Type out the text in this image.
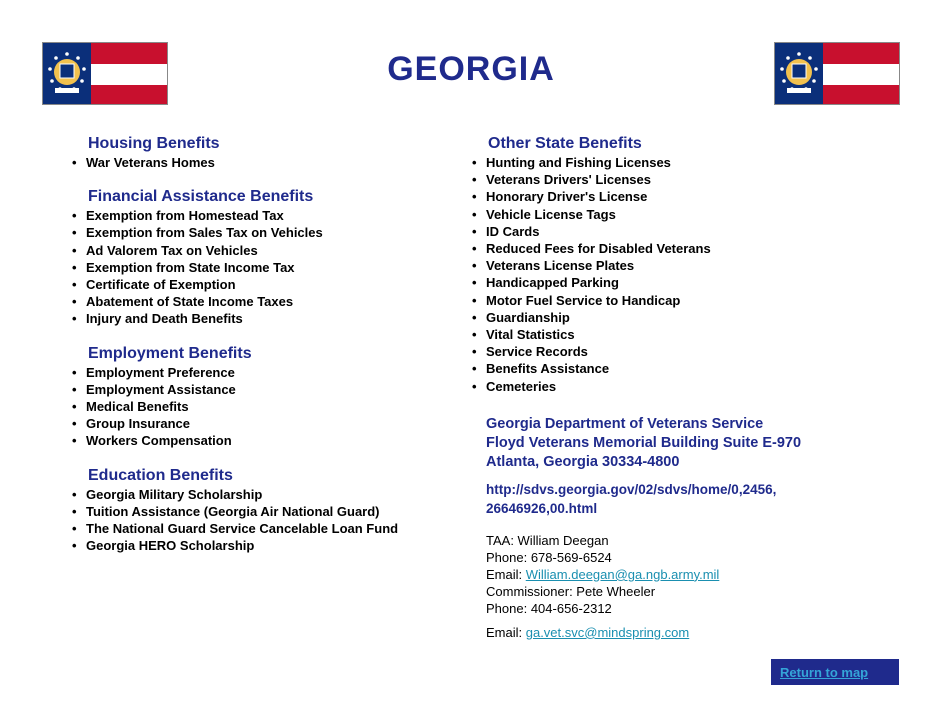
GEORGIA
Housing Benefits
• War Veterans Homes
Financial Assistance Benefits
• Exemption from Homestead Tax
• Exemption from Sales Tax on Vehicles
• Ad Valorem Tax on Vehicles
• Exemption from State Income Tax
• Certificate of Exemption
• Abatement of State Income Taxes
• Injury and Death Benefits
Employment Benefits
• Employment Preference
• Employment Assistance
• Medical Benefits
• Group Insurance
• Workers Compensation
Education Benefits
• Georgia Military Scholarship
• Tuition Assistance (Georgia Air National Guard)
• The National Guard Service Cancelable Loan Fund
• Georgia HERO Scholarship
Other State Benefits
• Hunting and Fishing Licenses
• Veterans Drivers' Licenses
• Honorary Driver's License
• Vehicle License Tags
• ID Cards
• Reduced Fees for Disabled Veterans
• Veterans License Plates
• Handicapped Parking
• Motor Fuel Service to Handicap
• Guardianship
• Vital Statistics
• Service Records
• Benefits Assistance
• Cemeteries
Georgia Department of Veterans Service
Floyd Veterans Memorial Building Suite E-970
Atlanta, Georgia 30334-4800
http://sdvs.georgia.gov/02/sdvs/home/0,2456,
26646926,00.html
TAA: William Deegan
Phone: 678-569-6524
Email: William.deegan@ga.ngb.army.mil
Commissioner: Pete Wheeler
Phone: 404-656-2312
Email: ga.vet.svc@mindspring.com
Return to map
